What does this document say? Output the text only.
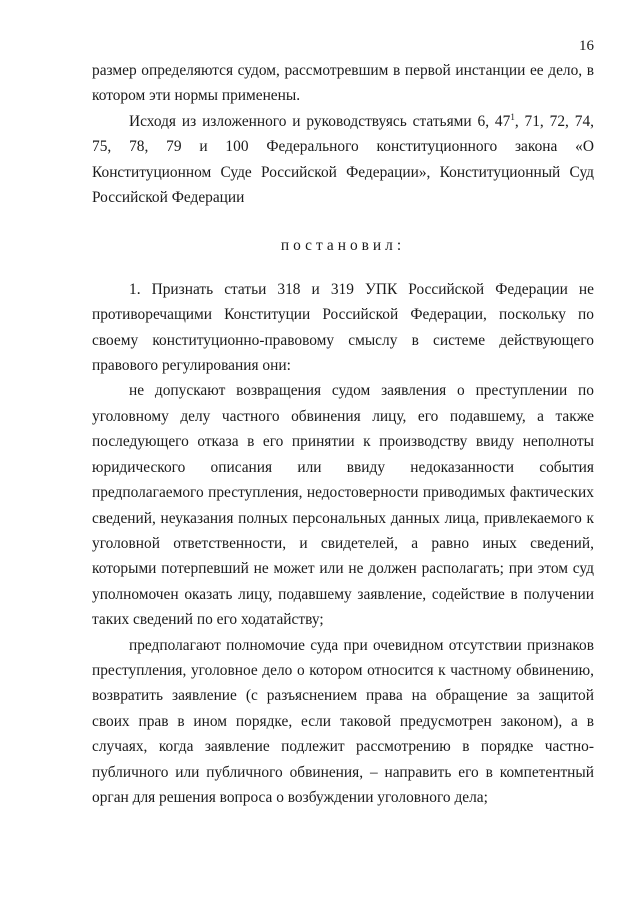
16

размер определяются судом, рассмотревшим в первой инстанции ее дело, в котором эти нормы применены.

Исходя из изложенного и руководствуясь статьями 6, $47^1$, 71, 72, 74, 75, 78, 79 и 100 Федерального конституционного закона «О Конституционном Суде Российской Федерации», Конституционный Суд Российской Федерации

постановил:

1. Признать статьи 318 и 319 УПК Российской Федерации не противоречащими Конституции Российской Федерации, поскольку по своему конституционно-правовому смыслу в системе действующего правового регулирования они:

не допускают возвращения судом заявления о преступлении по уголовному делу частного обвинения лицу, его подавшему, а также последующего отказа в его принятии к производству ввиду неполноты юридического описания или ввиду недоказанности события предполагаемого преступления, недостоверности приводимых фактических сведений, неуказания полных персональных данных лица, привлекаемого к уголовной ответственности, и свидетелей, а равно иных сведений, которыми потерпевший не может или не должен располагать; при этом суд уполномочен оказать лицу, подавшему заявление, содействие в получении таких сведений по его ходатайству;

предполагают полномочие суда при очевидном отсутствии признаков преступления, уголовное дело о котором относится к частному обвинению, возвратить заявление (с разъяснением права на обращение за защитой своих прав в ином порядке, если таковой предусмотрен законом), а в случаях, когда заявление подлежит рассмотрению в порядке частно-публичного или публичного обвинения, – направить его в компетентный орган для решения вопроса о возбуждении уголовного дела;
